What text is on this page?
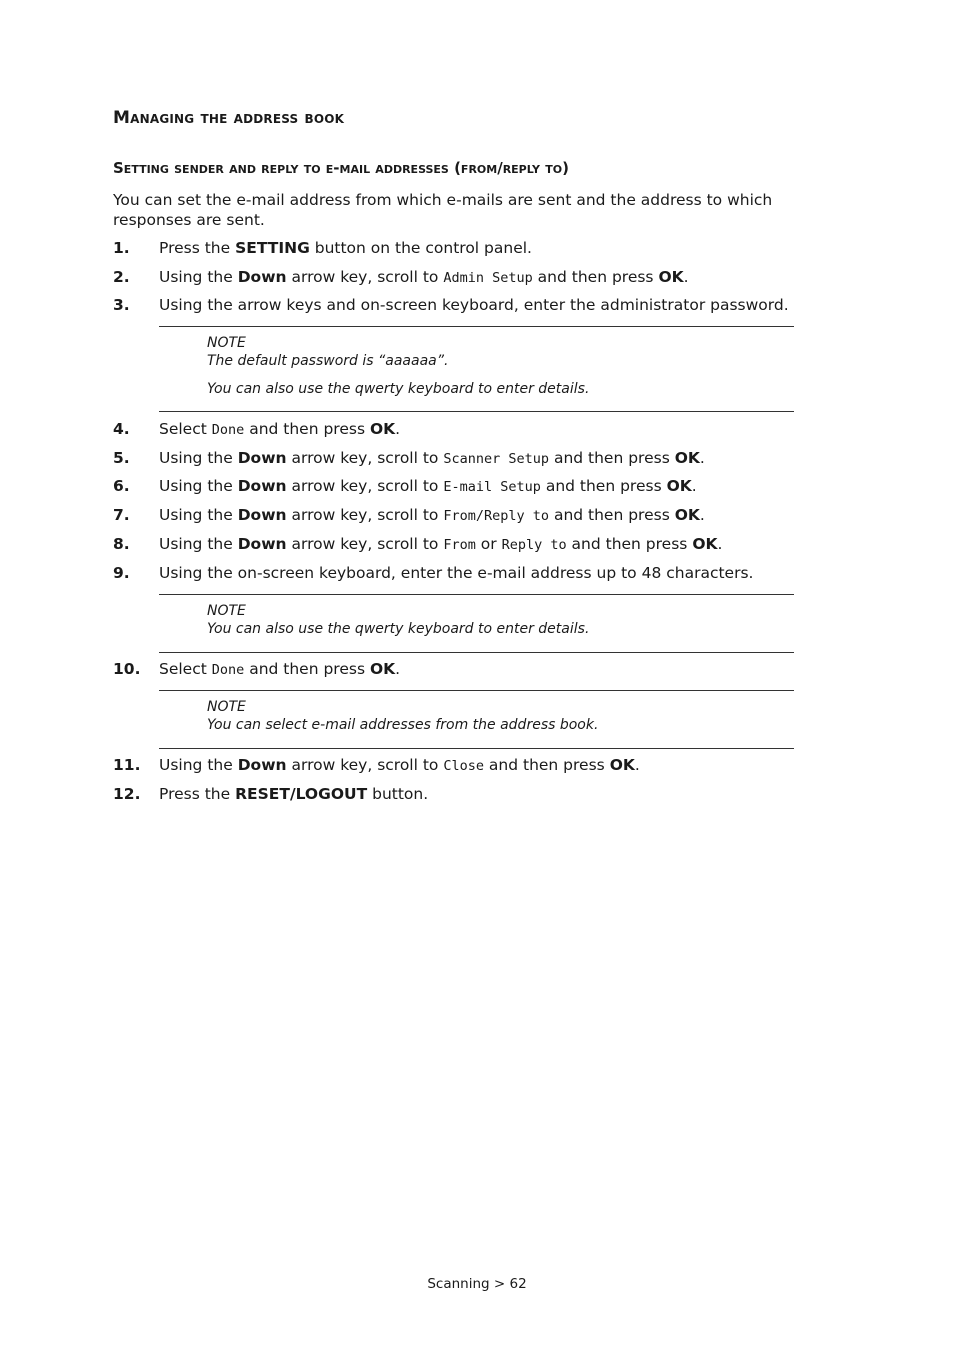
Managing the address book
Setting sender and reply to e-mail addresses (from/reply to)

You can set the e-mail address from which e-mails are sent and the address to which responses are sent.

1. Press the SETTING button on the control panel.
2. Using the Down arrow key, scroll to Admin Setup and then press OK.
3. Using the arrow keys and on-screen keyboard, enter the administrator password.
NOTE
The default password is “aaaaaa”.
You can also use the qwerty keyboard to enter details.
4. Select Done and then press OK.
5. Using the Down arrow key, scroll to Scanner Setup and then press OK.
6. Using the Down arrow key, scroll to E-mail Setup and then press OK.
7. Using the Down arrow key, scroll to From/Reply to and then press OK.
8. Using the Down arrow key, scroll to From or Reply to and then press OK.
9. Using the on-screen keyboard, enter the e-mail address up to 48 characters.
NOTE
You can also use the qwerty keyboard to enter details.
10. Select Done and then press OK.
NOTE
You can select e-mail addresses from the address book.
11. Using the Down arrow key, scroll to Close and then press OK.
12. Press the RESET/LOGOUT button.
Scanning > 62
